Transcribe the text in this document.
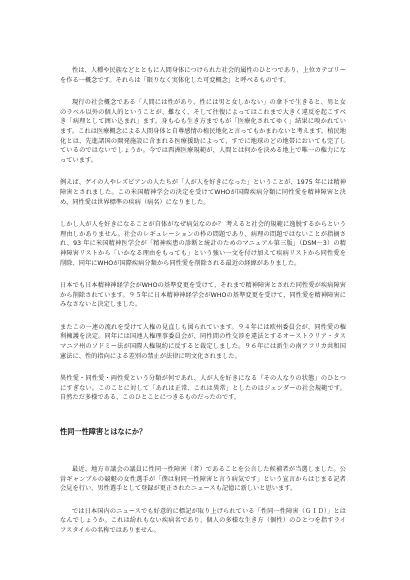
性は、人種や民族などとともに人間身体につけられた社会的属性のひとつであり、上位カテゴリーを作る一概念です。それらは「限りなく実体化した可変概念」と呼べるものです。

現行の社会概念である「人間には性があり、性には男と女しかない」の傘下で生きると、男と女のラベル以外の個人的ということが、難なく、そして往復によってはこれまで大きく違反を起こすべき「病理として囲い込まれ」ます。身も心も生き方までもが「医療化されてゆく」結果に嗅かれています。これは医療概念による人間身体と自尊感情の植民地化と言ってもかまわないと考えます。植民地化とは、先進諸国の開発施設に含まれる医療援助によって、すでに地球のどの地帯においても完了しているのではないでしょうか。今では西洲医療規範が、人間とは何かを決める地上で唯一の権力になっています。

例えば、ゲイの人やレズビアンの人たちが「人が人を好きになった」ということが、1975 年には精神障害とされました。この米国精神学会の決定を受けてWHOが国際疾病分類に同性愛を精神障害と決め、同性愛は世界標準の疾病（病名）になりました。

しかし人が人を好きになることが自体がなぜ病気なのか？ 考えると社会的規範に逸脱するからという理由しかありません。社会のレギュレーションの枠の問題であり、病理の問題ではないことが指摘され、93 年に米国精神医学会が「精神疾患の診断と統計のためのマニュアル第三版」（DSM－3）の精神障害リストから「いかなる理由をもっても」という強い一文を付け加えて疾病リストから同性愛を削除、同年にWHOが国際疾病分類から同性愛を削除される最近の経緯がありました。

日本でも日本精神神経学会がWHOの基準変更を受けて、それまで精神障害とされた同性愛が疾病障害から削除されています。９５年に日本精神神経学会がWHOの基準変更を受けて、同性愛を精神障害にみなさないと決定しました。

またこの一連の流れを受けて人権の見直しも図られています。９４年には欧州委員会が、同性愛の権利擁護を決定。同年には国連人権理事委員会が、同性間の性交渉を違法とするオーストラリア・タスマニア州のソドミー法が国際人権規約に反すると裁定しました。９６年には新生の南アフリカ共和国憲法に、性的指向による差別の禁止が法律に明文化されました。

異性愛・同性愛・両性愛という分類が何であれ、人が人を好きになる『その人なりの状態』のひとつにすぎない。このことに対して「あれは正常、これは異常」としたのはジェンダーの社会規範です。自然ただ多様である、このひとことにつきるものだったのです。

性同一性障害とはなにか？

最近、地方市議会の議員に性同一性障害（者）であることを公言した候補者が当選しました。公営ギャンブルの競艇の女性選手が「僕は射同一性障害と言う病気です」という宣言からはじまる記者会見を行い、男性選手として登録が更正されたニュースも記憶に新しいと思います。

では日本国内のニュースでも好意的に標記が取り上げられている「性同一性障害（ＧＩＤ）」とはなんでしょうか。これは紛れもない疾病名であり、個人の多様な生き方（個性）のひとつを指すライフスタイルの名称ではありません。
